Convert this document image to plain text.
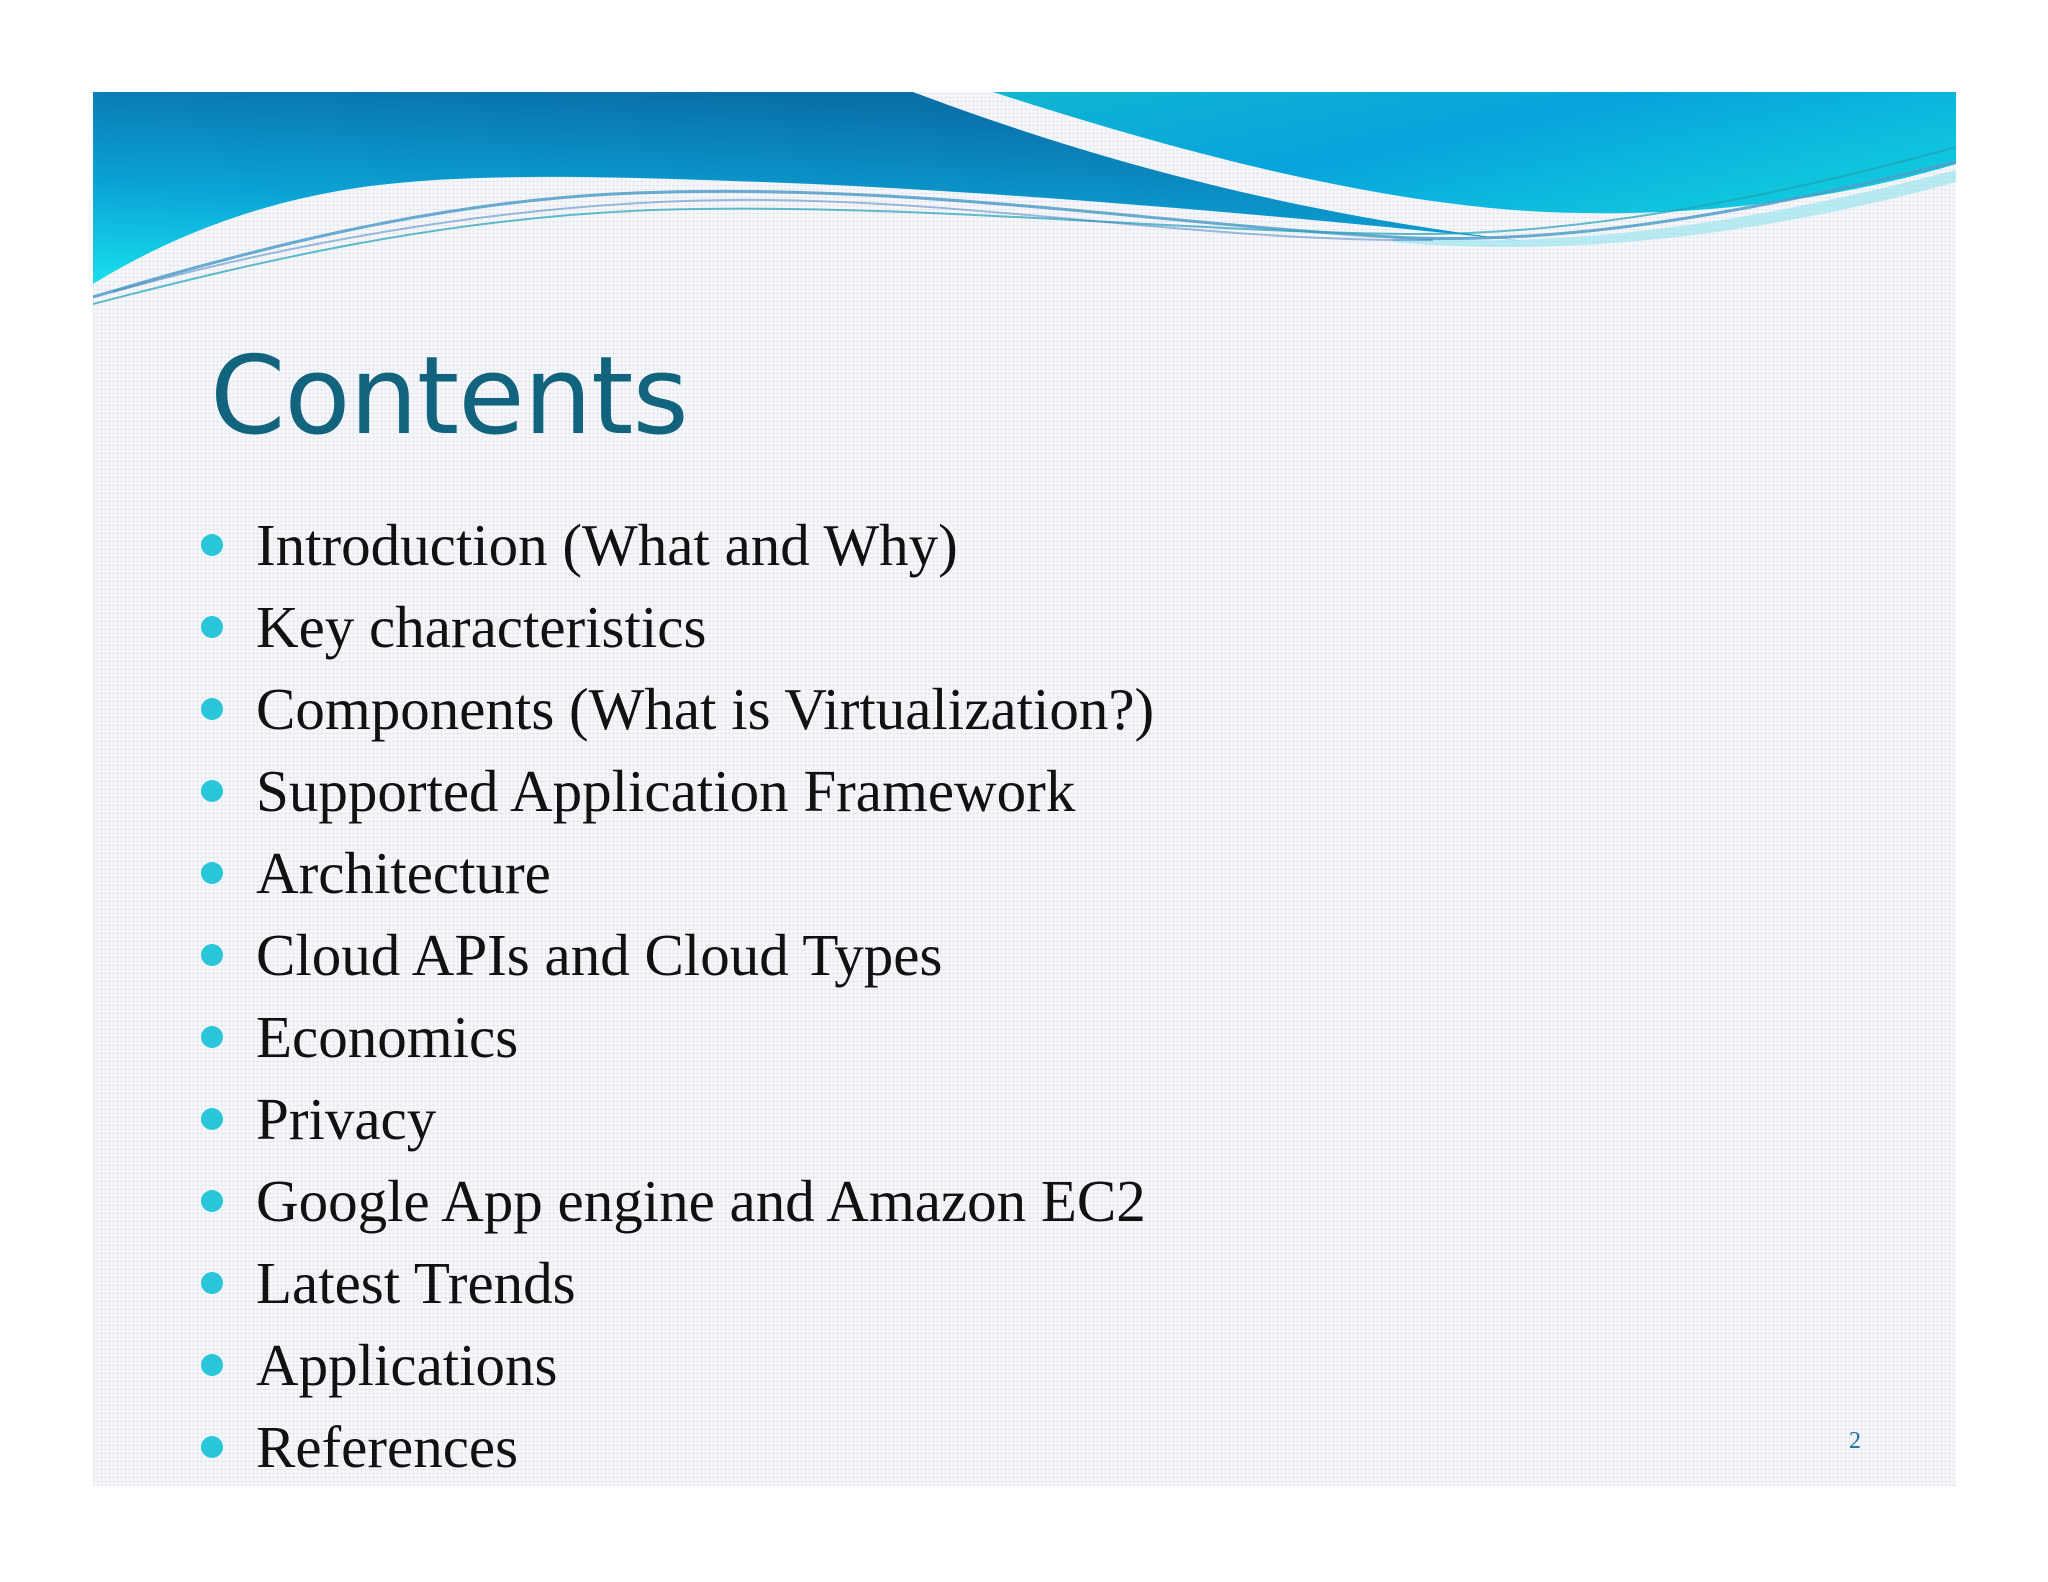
Contents
Introduction (What and Why)
Key characteristics
Components (What is Virtualization?)
Supported Application Framework
Architecture
Cloud APIs and Cloud Types
Economics
Privacy
Google App engine and Amazon EC2
Latest Trends
Applications
References	2
